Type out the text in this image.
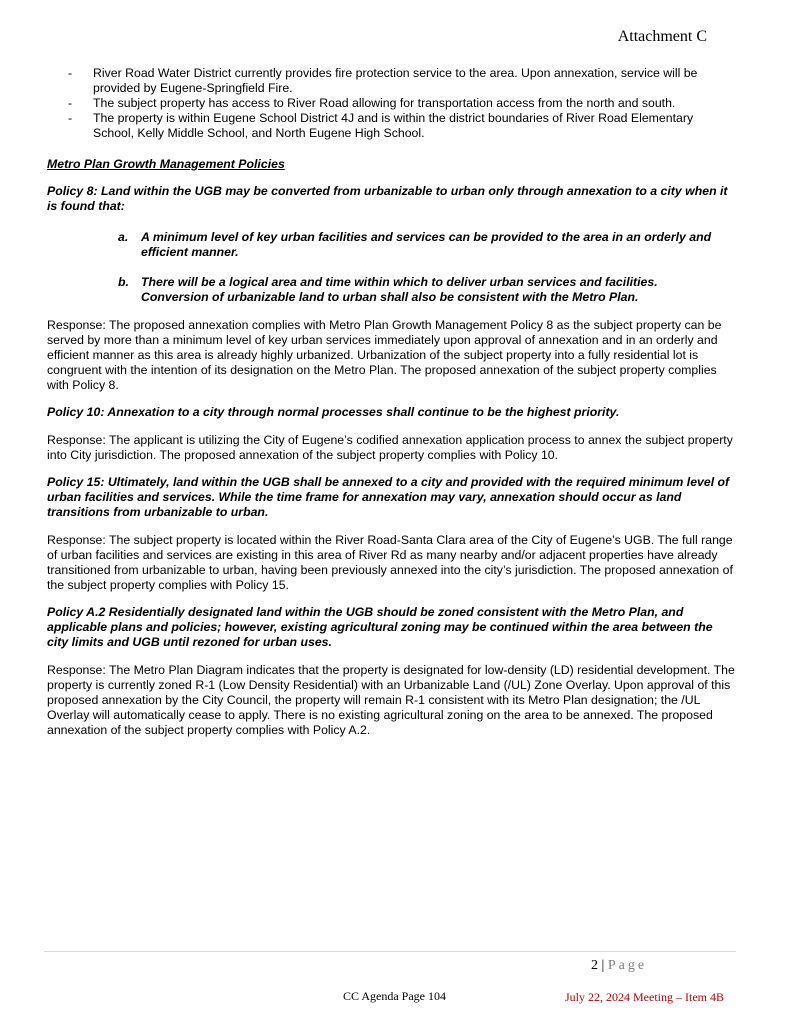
Attachment C
- River Road Water District currently provides fire protection service to the area. Upon annexation, service will be provided by Eugene-Springfield Fire.
- The subject property has access to River Road allowing for transportation access from the north and south.
- The property is within Eugene School District 4J and is within the district boundaries of River Road Elementary School, Kelly Middle School, and North Eugene High School.
Metro Plan Growth Management Policies
Policy 8: Land within the UGB may be converted from urbanizable to urban only through annexation to a city when it is found that:
a. A minimum level of key urban facilities and services can be provided to the area in an orderly and efficient manner.
b. There will be a logical area and time within which to deliver urban services and facilities. Conversion of urbanizable land to urban shall also be consistent with the Metro Plan.
Response: The proposed annexation complies with Metro Plan Growth Management Policy 8 as the subject property can be served by more than a minimum level of key urban services immediately upon approval of annexation and in an orderly and efficient manner as this area is already highly urbanized. Urbanization of the subject property into a fully residential lot is congruent with the intention of its designation on the Metro Plan. The proposed annexation of the subject property complies with Policy 8.
Policy 10: Annexation to a city through normal processes shall continue to be the highest priority.
Response: The applicant is utilizing the City of Eugene’s codified annexation application process to annex the subject property into City jurisdiction. The proposed annexation of the subject property complies with Policy 10.
Policy 15: Ultimately, land within the UGB shall be annexed to a city and provided with the required minimum level of urban facilities and services. While the time frame for annexation may vary, annexation should occur as land transitions from urbanizable to urban.
Response: The subject property is located within the River Road-Santa Clara area of the City of Eugene’s UGB. The full range of urban facilities and services are existing in this area of River Rd as many nearby and/or adjacent properties have already transitioned from urbanizable to urban, having been previously annexed into the city’s jurisdiction. The proposed annexation of the subject property complies with Policy 15.
Policy A.2 Residentially designated land within the UGB should be zoned consistent with the Metro Plan, and applicable plans and policies; however, existing agricultural zoning may be continued within the area between the city limits and UGB until rezoned for urban uses.
Response: The Metro Plan Diagram indicates that the property is designated for low-density (LD) residential development. The property is currently zoned R-1 (Low Density Residential) with an Urbanizable Land (/UL) Zone Overlay. Upon approval of this proposed annexation by the City Council, the property will remain R-1 consistent with its Metro Plan designation; the /UL Overlay will automatically cease to apply. There is no existing agricultural zoning on the area to be annexed. The proposed annexation of the subject property complies with Policy A.2.
2 | Page
CC Agenda Page 104	July 22, 2024 Meeting – Item 4B
